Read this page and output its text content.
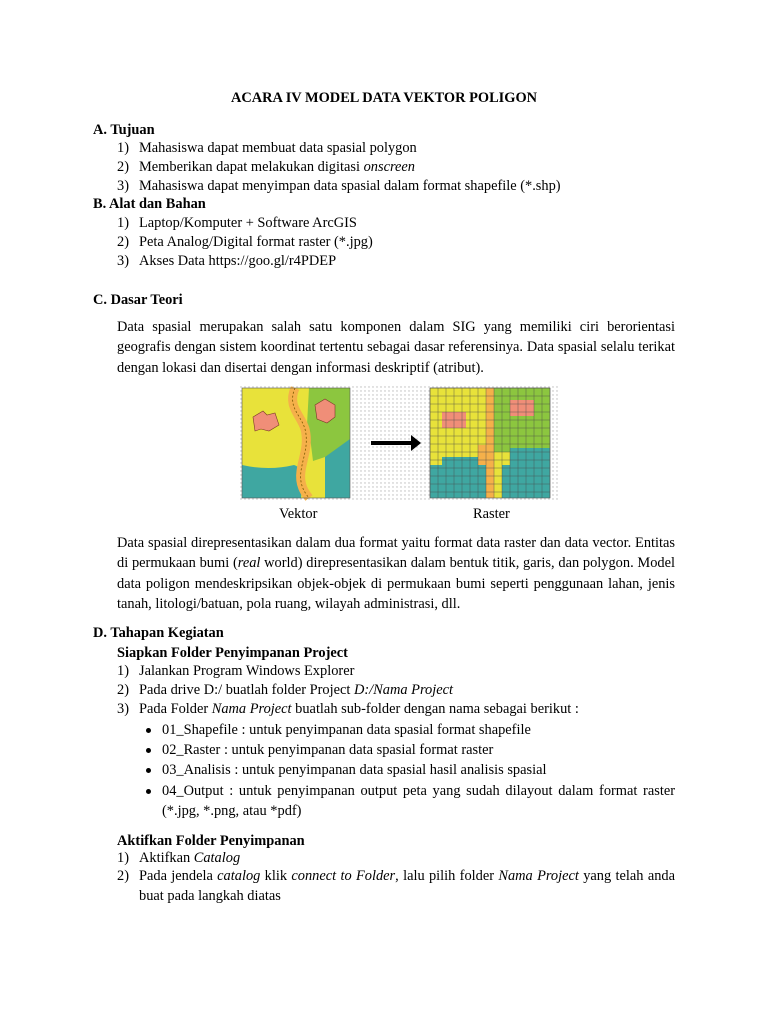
ACARA IV MODEL DATA VEKTOR POLIGON
A. Tujuan
1) Mahasiswa dapat membuat data spasial polygon
2) Memberikan dapat melakukan digitasi onscreen
3) Mahasiswa dapat menyimpan data spasial dalam format shapefile (*.shp)
B. Alat dan Bahan
1) Laptop/Komputer + Software ArcGIS
2) Peta Analog/Digital format raster (*.jpg)
3) Akses Data https://goo.gl/r4PDEP
C. Dasar Teori
Data spasial merupakan salah satu komponen dalam SIG yang memiliki ciri berorientasi geografis dengan sistem koordinat tertentu sebagai dasar referensinya. Data spasial selalu terikat dengan lokasi dan disertai dengan informasi deskriptif (atribut).
Vektor	Raster
Data spasial direpresentasikan dalam dua format yaitu format data raster dan data vector. Entitas di permukaan bumi (real world) direpresentasikan dalam bentuk titik, garis, dan polygon. Model data poligon mendeskripsikan objek-objek di permukaan bumi seperti penggunaan lahan, jenis tanah, litologi/batuan, pola ruang, wilayah administrasi, dll.
D. Tahapan Kegiatan
Siapkan Folder Penyimpanan Project
1) Jalankan Program Windows Explorer
2) Pada drive D:/ buatlah folder Project D:/Nama Project
3) Pada Folder Nama Project buatlah sub-folder dengan nama sebagai berikut :
01_Shapefile : untuk penyimpanan data spasial format shapefile
02_Raster : untuk penyimpanan data spasial format raster
03_Analisis : untuk penyimpanan data spasial hasil analisis spasial
04_Output : untuk penyimpanan output peta yang sudah dilayout dalam format raster (*.jpg, *.png, atau *pdf)
Aktifkan Folder Penyimpanan
1) Aktifkan Catalog
2) Pada jendela catalog klik connect to Folder, lalu pilih folder Nama Project yang telah anda buat pada langkah diatas
